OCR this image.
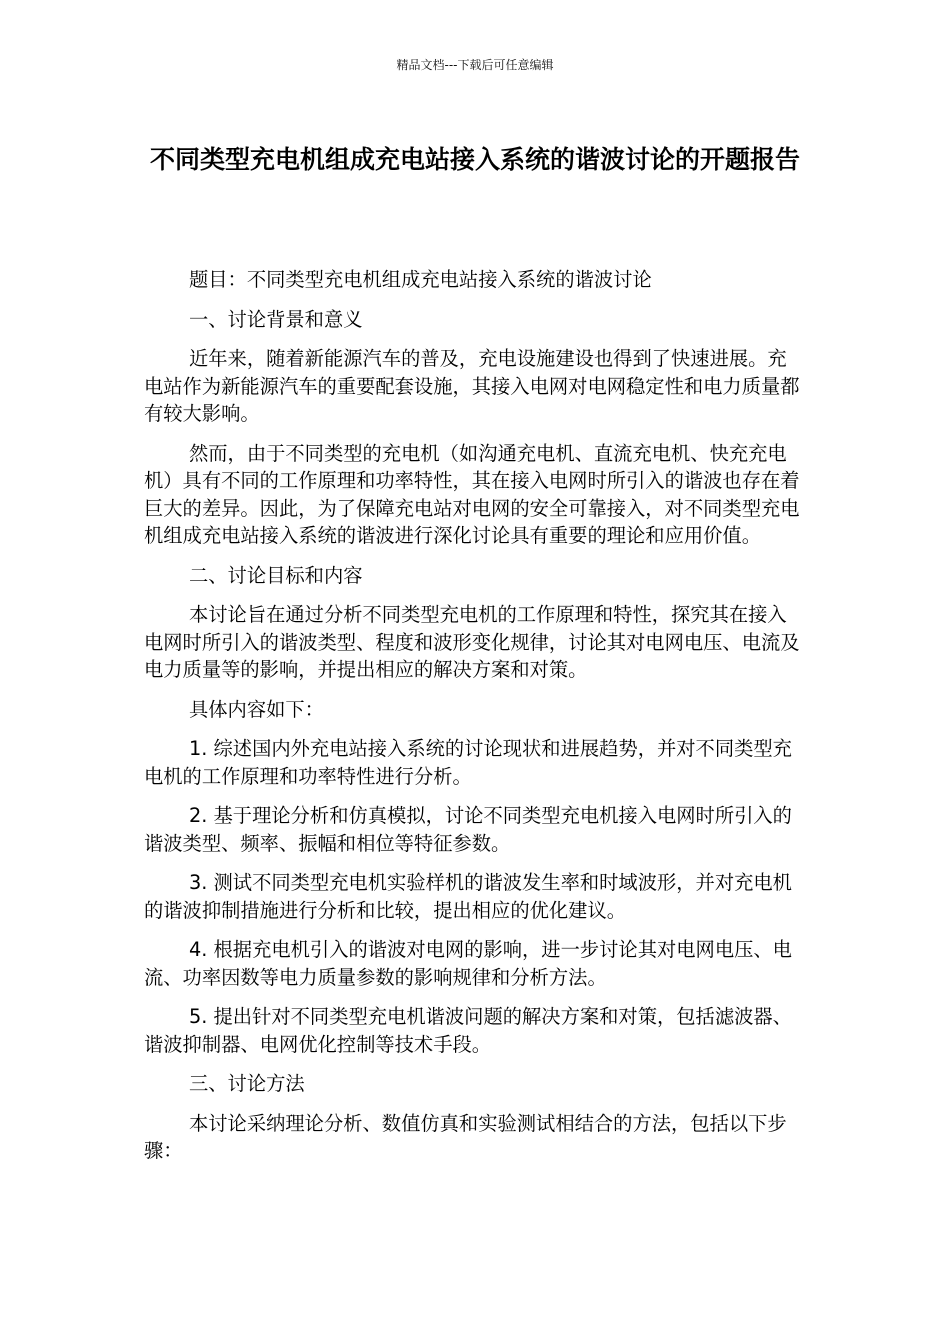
精品文档---下载后可任意编辑
不同类型充电机组成充电站接入系统的谐波讨论的开题报告

题目：不同类型充电机组成充电站接入系统的谐波讨论

一、讨论背景和意义

近年来，随着新能源汽车的普及，充电设施建设也得到了快速进展。充电站作为新能源汽车的重要配套设施，其接入电网对电网稳定性和电力质量都有较大影响。

然而，由于不同类型的充电机（如沟通充电机、直流充电机、快充充电机）具有不同的工作原理和功率特性，其在接入电网时所引入的谐波也存在着巨大的差异。因此，为了保障充电站对电网的安全可靠接入，对不同类型充电机组成充电站接入系统的谐波进行深化讨论具有重要的理论和应用价值。

二、讨论目标和内容

本讨论旨在通过分析不同类型充电机的工作原理和特性，探究其在接入电网时所引入的谐波类型、程度和波形变化规律，讨论其对电网电压、电流及电力质量等的影响，并提出相应的解决方案和对策。

具体内容如下：

1. 综述国内外充电站接入系统的讨论现状和进展趋势，并对不同类型充电机的工作原理和功率特性进行分析。

2. 基于理论分析和仿真模拟，讨论不同类型充电机接入电网时所引入的谐波类型、频率、振幅和相位等特征参数。

3. 测试不同类型充电机实验样机的谐波发生率和时域波形，并对充电机的谐波抑制措施进行分析和比较，提出相应的优化建议。

4. 根据充电机引入的谐波对电网的影响，进一步讨论其对电网电压、电流、功率因数等电力质量参数的影响规律和分析方法。

5. 提出针对不同类型充电机谐波问题的解决方案和对策，包括滤波器、谐波抑制器、电网优化控制等技术手段。

三、讨论方法

本讨论采纳理论分析、数值仿真和实验测试相结合的方法，包括以下步骤：
